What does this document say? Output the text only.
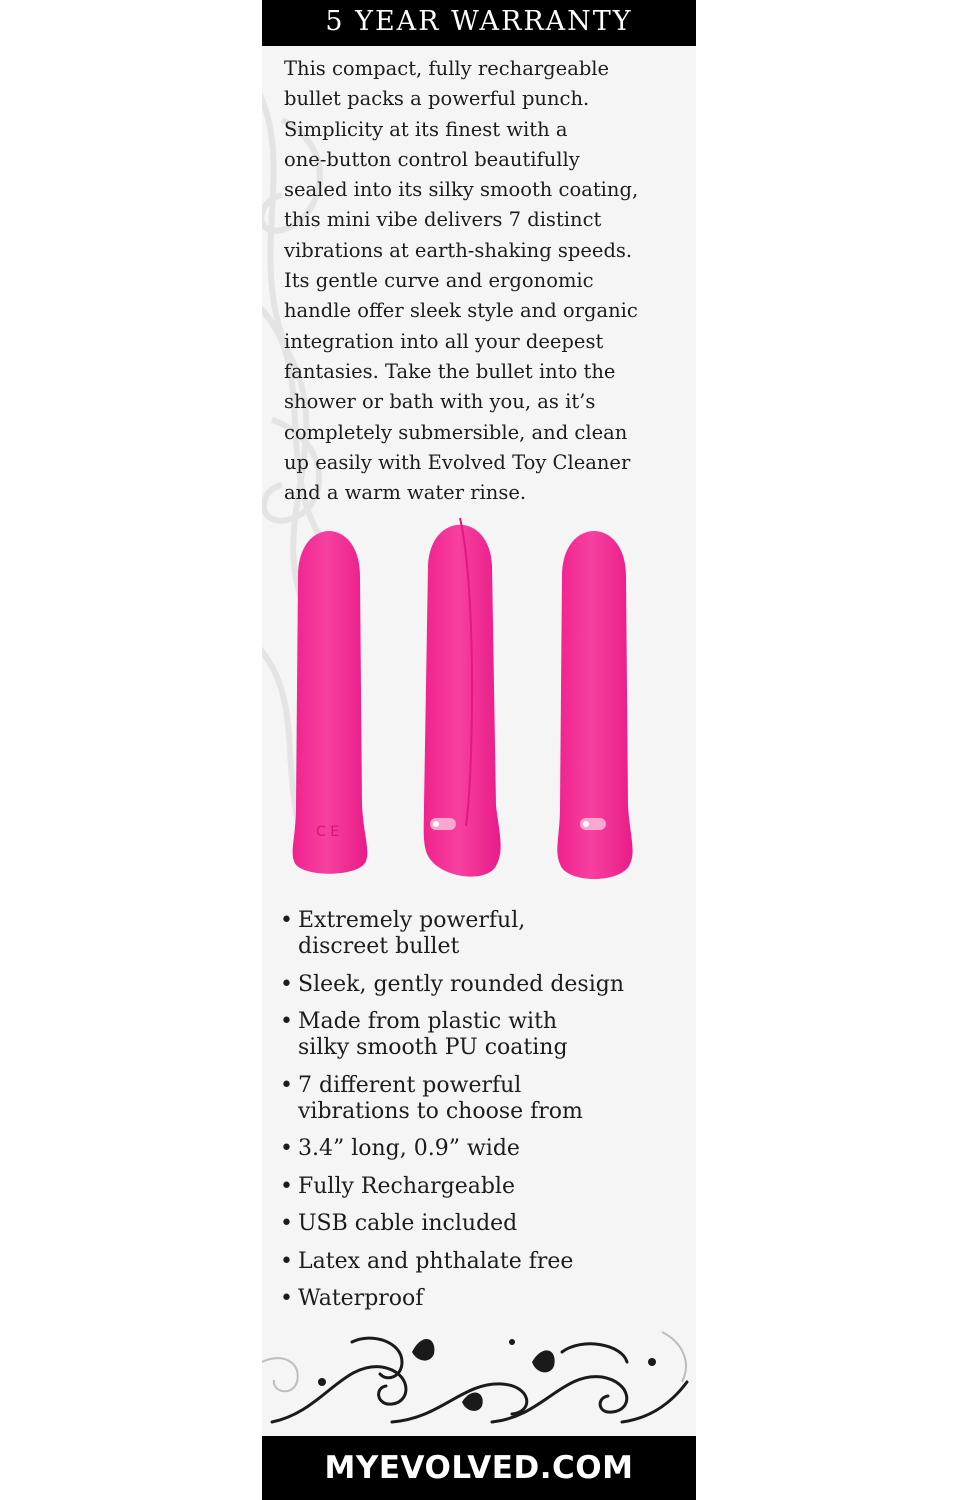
5 YEAR WARRANTY

This compact, fully rechargeable
bullet packs a powerful punch.
Simplicity at its finest with a
one-button control beautifully
sealed into its silky smooth coating,
this mini vibe delivers 7 distinct
vibrations at earth-shaking speeds.
Its gentle curve and ergonomic
handle offer sleek style and organic
integration into all your deepest
fantasies. Take the bullet into the
shower or bath with you, as it’s
completely submersible, and clean
up easily with Evolved Toy Cleaner
and a warm water rinse.

C E
• Extremely powerful,
discreet bullet
• Sleek, gently rounded design
• Made from plastic with
silky smooth PU coating
• 7 different powerful
vibrations to choose from
• 3.4” long, 0.9” wide
• Fully Rechargeable
• USB cable included
• Latex and phthalate free
• Waterproof
MYEVOLVED.COM
